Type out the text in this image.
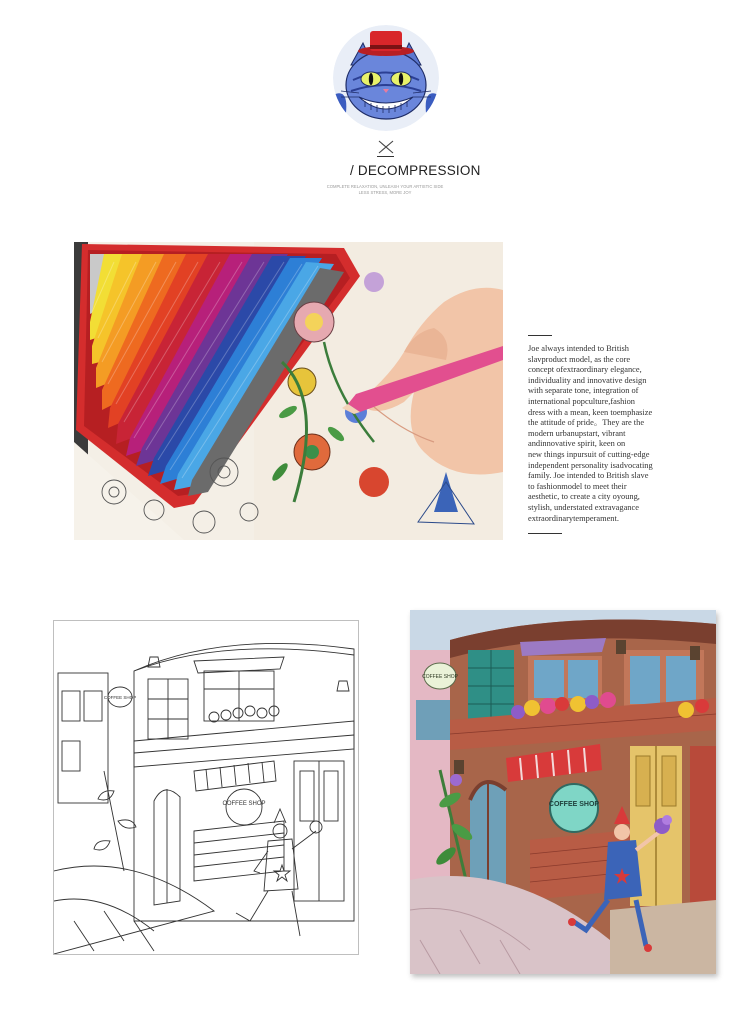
/ DECOMPRESSION
COMPLETE RELAXATION, UNLEASH YOUR ARTISTIC SIDE
LESS STRESS, MORE JOY
Joe always intended to British
slavproduct model, as the core
concept ofextraordinary elegance,
individuality and innovative design
with separate tone, integration of
international popculture,fashion
dress with a mean, keen toemphasize
the attitude of pride。They are the
modern urbanupstart, vibrant
andinnovative spirit, keen on
new things inpursuit of cutting-edge
independent personality isadvocating
family. Joe intended to British slave
to fashionmodel to meet their
aesthetic, to create a city oyoung,
stylish, understated extravagance
extraordinarytemperament.
COFFEE SHOP
COFFEE SHOP
COFFEE SHOP
COFFEE SHOP
